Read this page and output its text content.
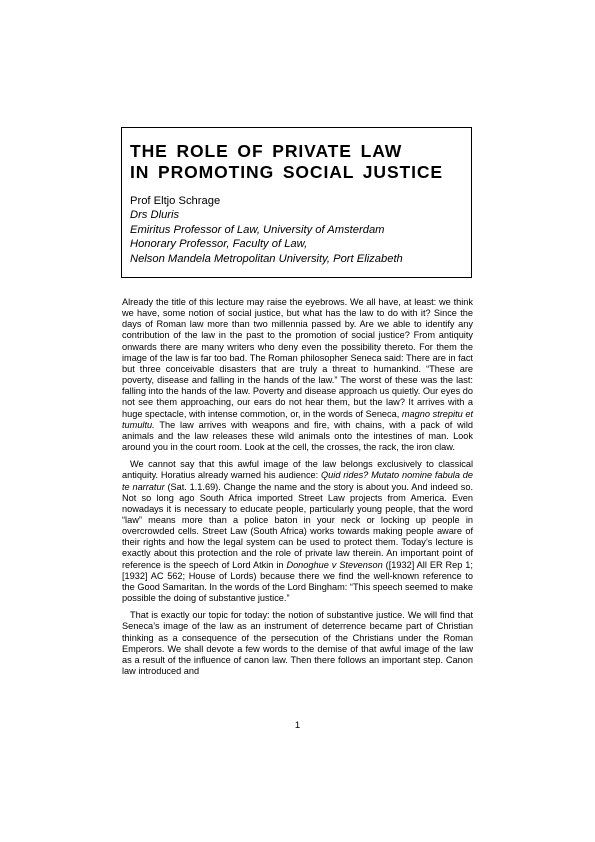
THE ROLE OF PRIVATE LAW
IN PROMOTING SOCIAL JUSTICE
Prof Eltjo Schrage
Drs Dluris
Emiritus Professor of Law, University of Amsterdam
Honorary Professor, Faculty of Law,
Nelson Mandela Metropolitan University, Port Elizabeth

Already the title of this lecture may raise the eyebrows. We all have, at least: we think we have, some notion of social justice, but what has the law to do with it? Since the days of Roman law more than two millennia passed by. Are we able to identify any contribution of the law in the past to the promotion of social justice? From antiquity onwards there are many writers who deny even the possibility thereto. For them the image of the law is far too bad. The Roman philosopher Seneca said: There are in fact but three conceivable disasters that are truly a threat to humankind. “These are poverty, disease and falling in the hands of the law.” The worst of these was the last: falling into the hands of the law. Poverty and disease approach us quietly. Our eyes do not see them approaching, our ears do not hear them, but the law? It arrives with a huge spectacle, with intense commotion, or, in the words of Seneca, magno strepitu et tumultu. The law arrives with weapons and fire, with chains, with a pack of wild animals and the law releases these wild animals onto the intestines of man. Look around you in the court room. Look at the cell, the crosses, the rack, the iron claw.

We cannot say that this awful image of the law belongs exclusively to classical antiquity. Horatius already warned his audience: Quid rides? Mutato nomine fabula de te narratur (Sat. 1.1.69). Change the name and the story is about you. And indeed so. Not so long ago South Africa imported Street Law projects from America. Even nowadays it is necessary to educate people, particularly young people, that the word “law” means more than a police baton in your neck or locking up people in overcrowded cells. Street Law (South Africa) works towards making people aware of their rights and how the legal system can be used to protect them. Today’s lecture is exactly about this protection and the role of private law therein. An important point of reference is the speech of Lord Atkin in Donoghue v Stevenson ([1932] All ER Rep 1; [1932] AC 562; House of Lords) because there we find the well-known reference to the Good Samaritan. In the words of the Lord Bingham: “This speech seemed to make possible the doing of substantive justice.”

That is exactly our topic for today: the notion of substantive justice. We will find that Seneca’s image of the law as an instrument of deterrence became part of Christian thinking as a consequence of the persecution of the Christians under the Roman Emperors. We shall devote a few words to the demise of that awful image of the law as a result of the influence of canon law. Then there follows an important step. Canon law introduced and

1
